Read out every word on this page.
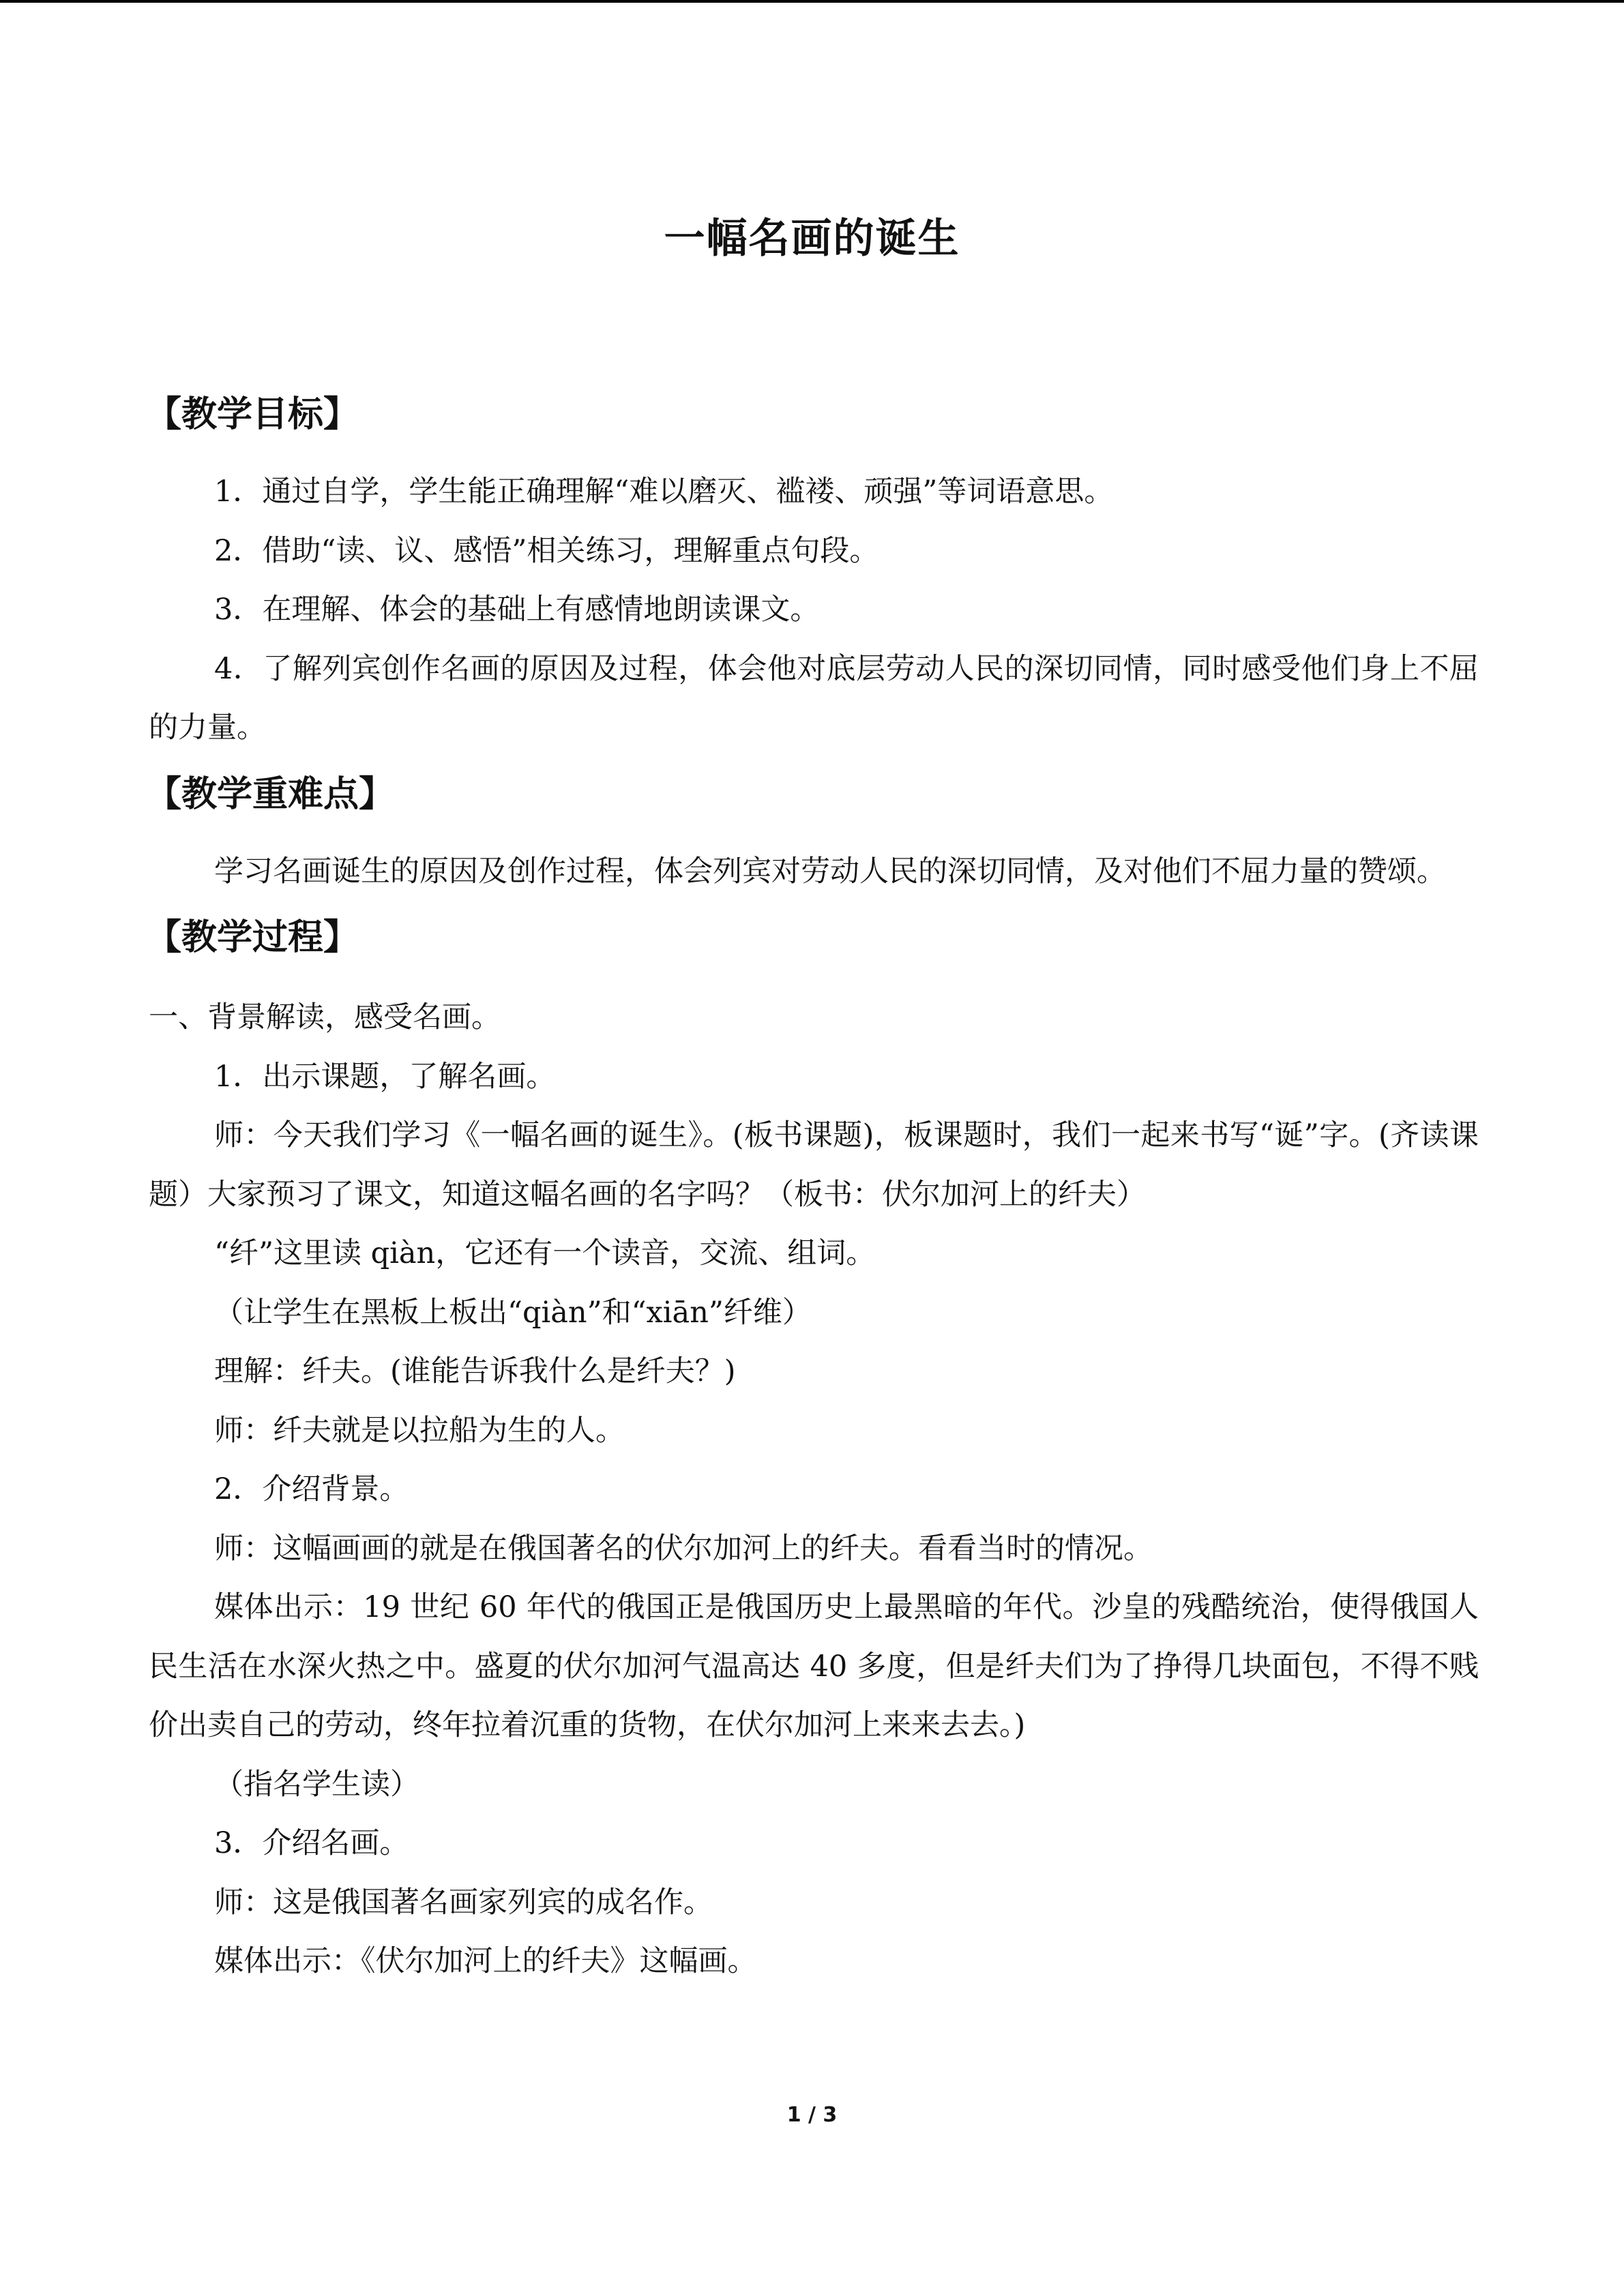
一幅名画的诞生
【教学目标】

1．通过自学，学生能正确理解“难以磨灭、褴褛、顽强”等词语意思。

2．借助“读、议、感悟”相关练习，理解重点句段。

3．在理解、体会的基础上有感情地朗读课文。

4．了解列宾创作名画的原因及过程，体会他对底层劳动人民的深切同情，同时感受他们身上不屈的力量。

【教学重难点】

学习名画诞生的原因及创作过程，体会列宾对劳动人民的深切同情，及对他们不屈力量的赞颂。

【教学过程】

一、背景解读，感受名画。

1．出示课题，了解名画。

师：今天我们学习《一幅名画的诞生》。(板书课题)，板课题时，我们一起来书写“诞”字。(齐读课题）大家预习了课文，知道这幅名画的名字吗？（板书：伏尔加河上的纤夫）

“纤”这里读 qiàn，它还有一个读音，交流、组词。

（让学生在黑板上板出“qiàn”和“xiān”纤维）

理解：纤夫。(谁能告诉我什么是纤夫？)

师：纤夫就是以拉船为生的人。

2．介绍背景。

师：这幅画画的就是在俄国著名的伏尔加河上的纤夫。看看当时的情况。

媒体出示：19 世纪 60 年代的俄国正是俄国历史上最黑暗的年代。沙皇的残酷统治，使得俄国人民生活在水深火热之中。盛夏的伏尔加河气温高达 40 多度，但是纤夫们为了挣得几块面包，不得不贱价出卖自己的劳动，终年拉着沉重的货物，在伏尔加河上来来去去。)

（指名学生读）

3．介绍名画。

师：这是俄国著名画家列宾的成名作。

媒体出示：《伏尔加河上的纤夫》这幅画。

1 / 3
